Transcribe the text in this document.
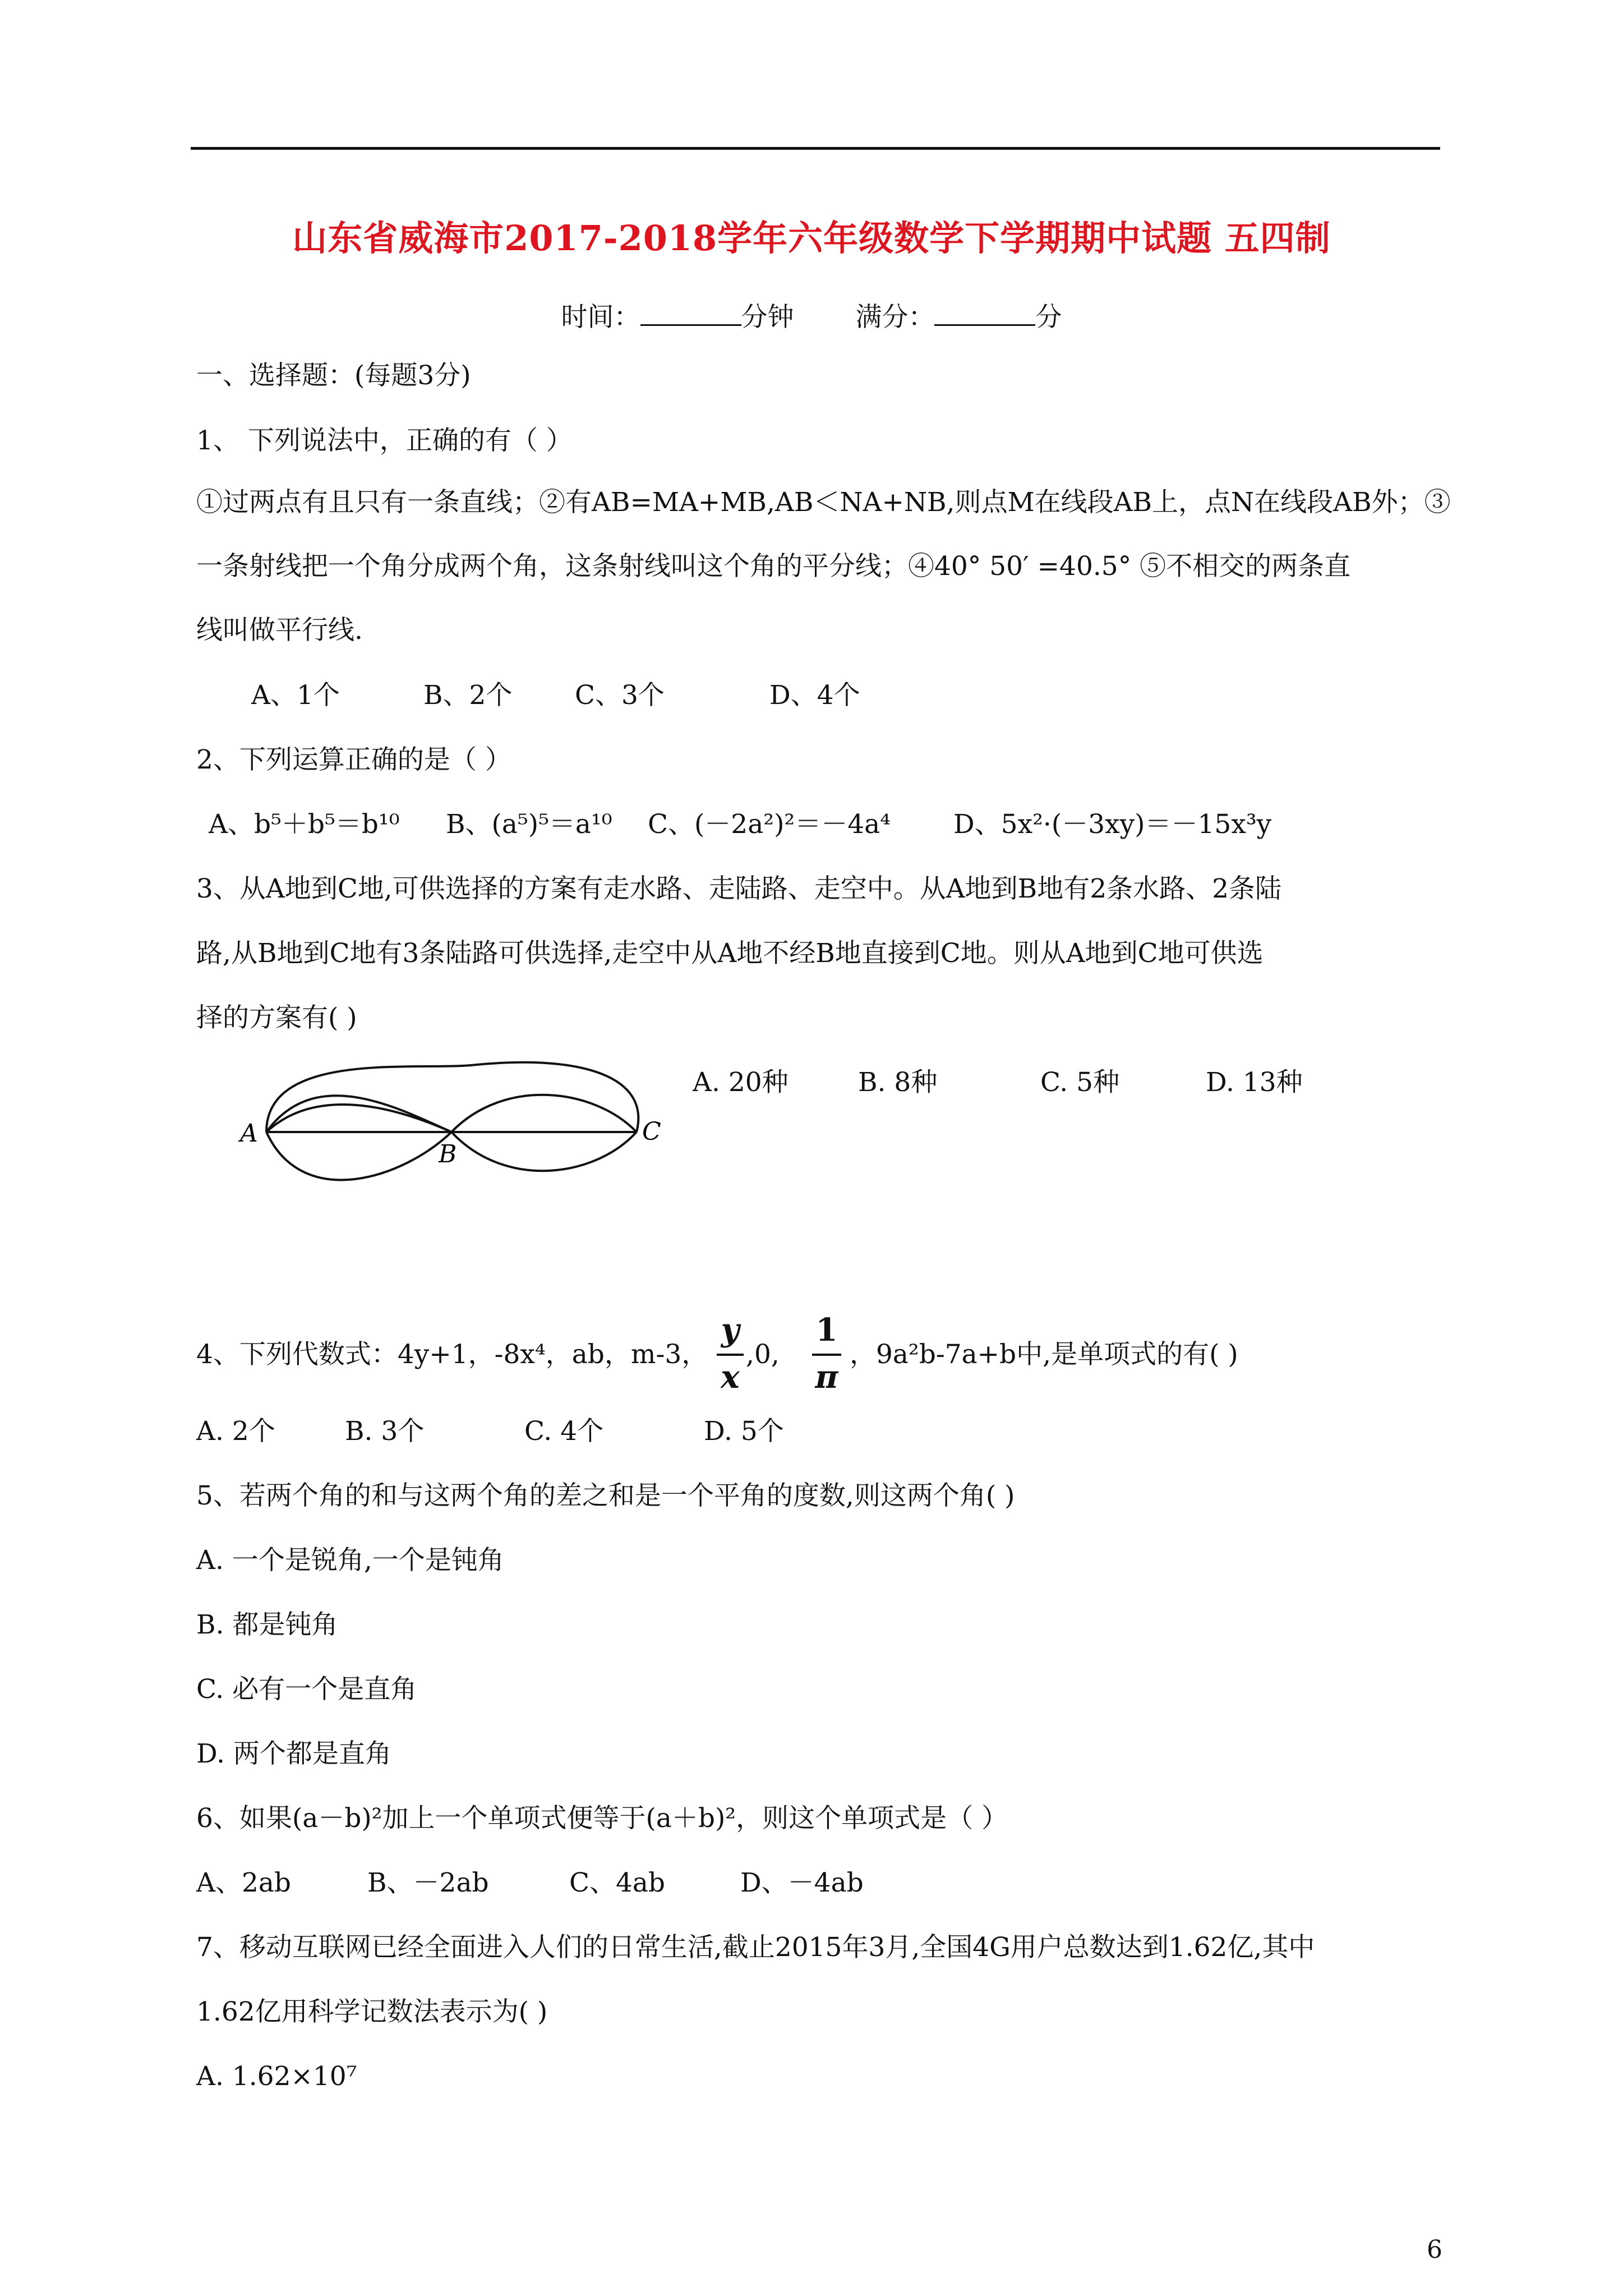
山东省威海市2017-2018学年六年级数学下学期期中试题 五四制
时间：	分钟 满分：	分
一、选择题：(每题3分)
1、 下列说法中，正确的有（ ）
①过两点有且只有一条直线；②有AB=MA+MB,AB＜NA+NB,则点M在线段AB上，点N在线段AB外；③
一条射线把一个角分成两个角，这条射线叫这个角的平分线；④40° 50′ =40.5° ⑤不相交的两条直
线叫做平行线.
A、1个	B、2个 C、3个	D、4个
2、下列运算正确的是（ ）
A、b⁵＋b⁵＝b¹⁰ B、(a⁵)⁵＝a¹⁰ C、(－2a²)²＝－4a⁴ D、5x²·(－3xy)＝－15x³y
3、从A地到C地,可供选择的方案有走水路、走陆路、走空中。从A地到B地有2条水路、2条陆
路,从B地到C地有3条陆路可供选择,走空中从A地不经B地直接到C地。则从A地到C地可供选
择的方案有( )
A
B
C
A. 20种	B. 8种	C. 5种	D. 13种
4、下列代数式：4y+1，-8x⁴，ab，m-3，
y
x
,0,
1
π
，9a²b-7a+b中,是单项式的有( )
A. 2个	B. 3个	C. 4个	D. 5个
5、若两个角的和与这两个角的差之和是一个平角的度数,则这两个角( )
A. 一个是锐角,一个是钝角
B. 都是钝角
C. 必有一个是直角
D. 两个都是直角
6、如果(a－b)²加上一个单项式便等于(a＋b)²，则这个单项式是（ ）
A、2ab	B、－2ab	C、4ab	D、－4ab
7、移动互联网已经全面进入人们的日常生活,截止2015年3月,全国4G用户总数达到1.62亿,其中
1.62亿用科学记数法表示为( )
A. 1.62×10⁷
6
